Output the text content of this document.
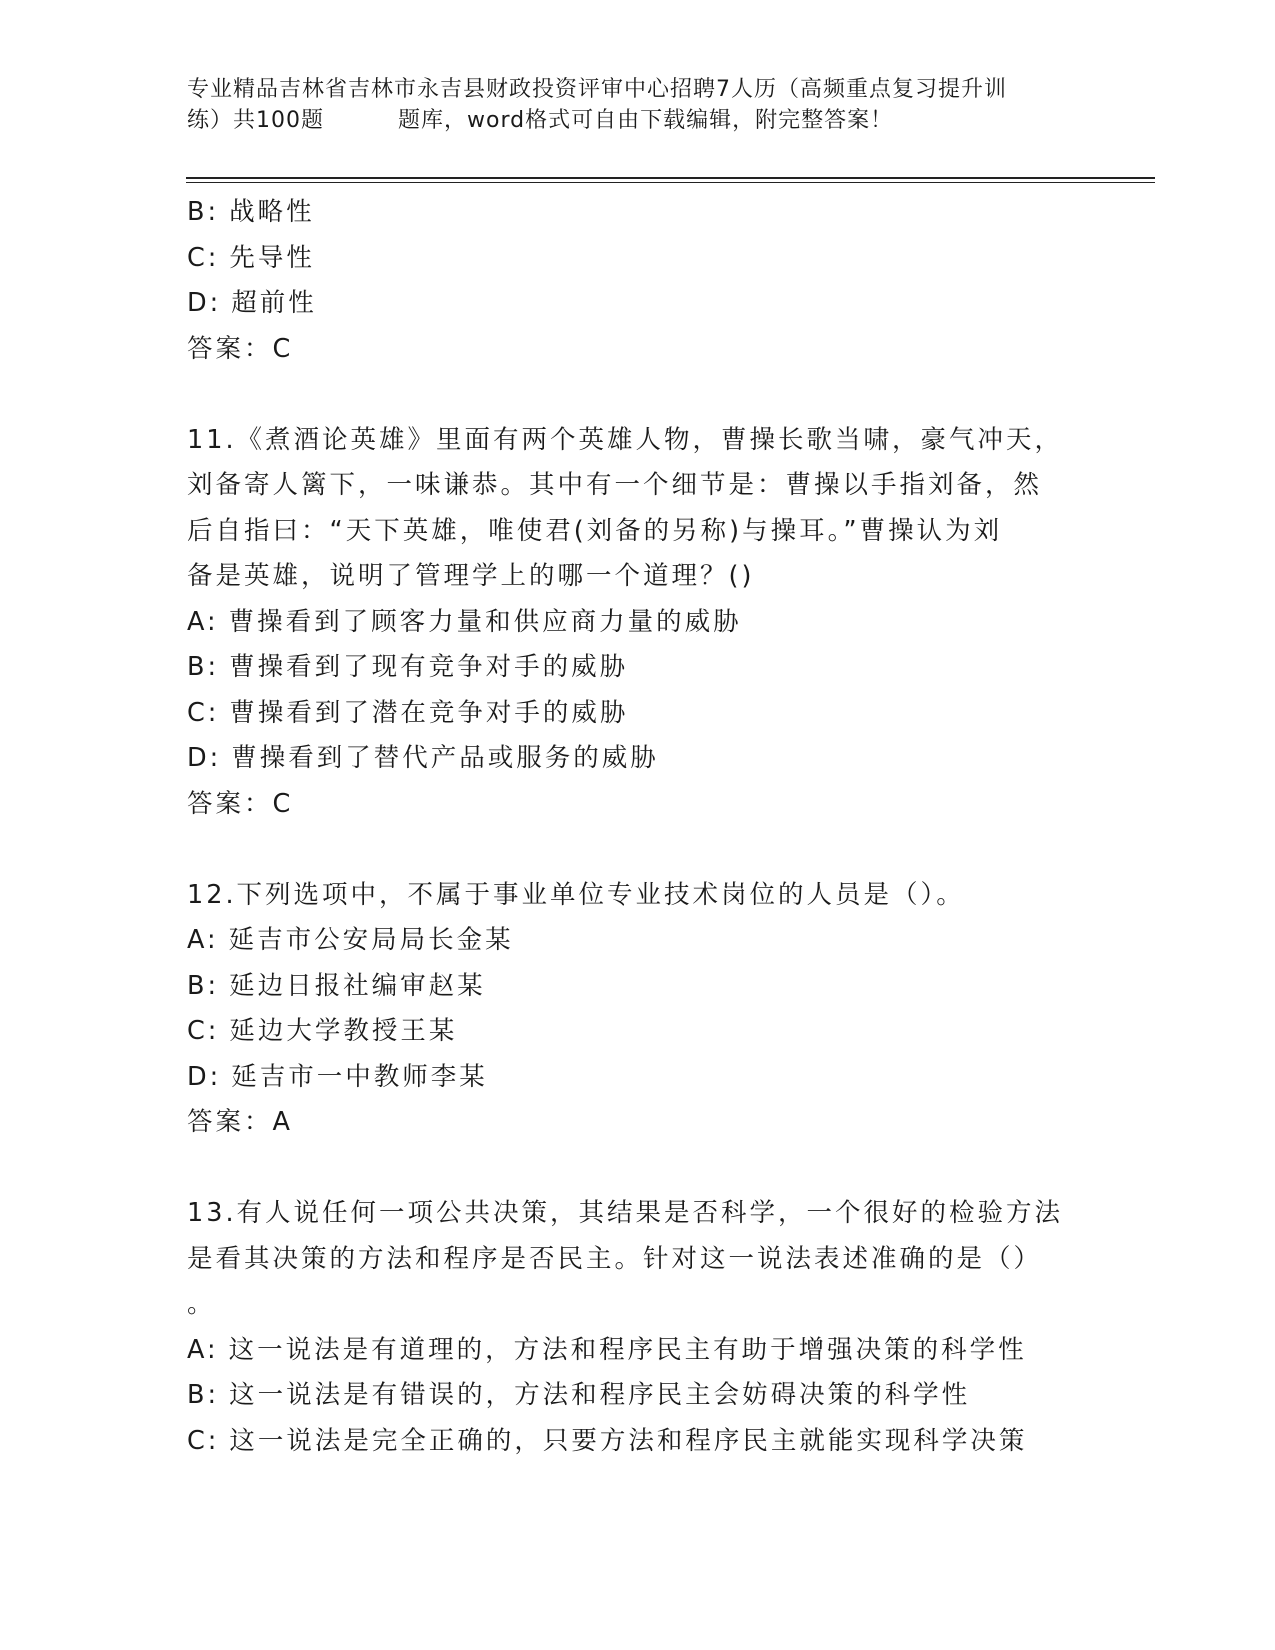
专业精品吉林省吉林市永吉县财政投资评审中心招聘7人历（高频重点复习提升训
练）共100题	题库，word格式可自由下载编辑，附完整答案！
B: 战略性
C: 先导性
D: 超前性
答案：C
11.《煮酒论英雄》里面有两个英雄人物，曹操长歌当啸，豪气冲天，
刘备寄人篱下，一味谦恭。其中有一个细节是：曹操以手指刘备，然
后自指曰：“天下英雄，唯使君(刘备的另称)与操耳。”曹操认为刘
备是英雄，说明了管理学上的哪一个道理？()
A: 曹操看到了顾客力量和供应商力量的威胁
B: 曹操看到了现有竞争对手的威胁
C: 曹操看到了潜在竞争对手的威胁
D: 曹操看到了替代产品或服务的威胁
答案：C
12.下列选项中，不属于事业单位专业技术岗位的人员是（）。
A: 延吉市公安局局长金某
B: 延边日报社编审赵某
C: 延边大学教授王某
D: 延吉市一中教师李某
答案：A
13.有人说任何一项公共决策，其结果是否科学，一个很好的检验方法
是看其决策的方法和程序是否民主。针对这一说法表述准确的是（）
。
A: 这一说法是有道理的，方法和程序民主有助于增强决策的科学性
B: 这一说法是有错误的，方法和程序民主会妨碍决策的科学性
C: 这一说法是完全正确的，只要方法和程序民主就能实现科学决策
